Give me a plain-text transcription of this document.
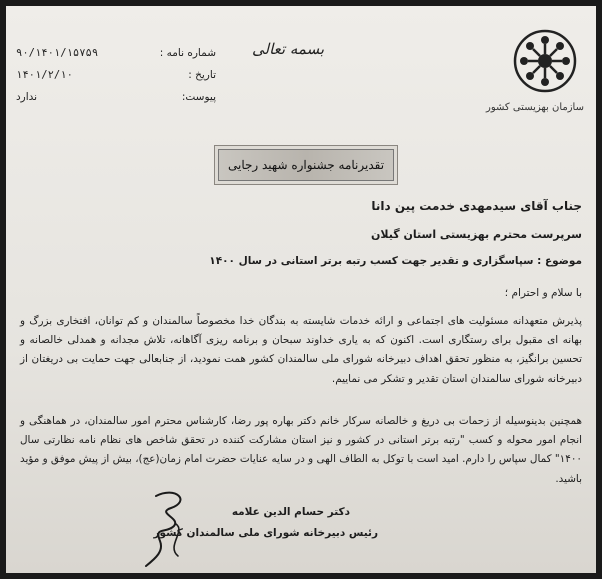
سازمان بهزیستی کشور
بسمه تعالی
شماره نامه :
۹۰/۱۴۰۱/۱۵۷۵۹
تاریخ :
۱۴۰۱/۲/۱۰
پیوست:
ندارد
تقدیرنامه جشنواره شهید رجایی
جناب آقای سیدمهدی خدمت پین دانا
سرپرست محترم بهزیستی استان گیلان
موضوع : سپاسگزاری و تقدیر جهت کسب رتبه برتر استانی در سال ۱۴۰۰
با سلام و احترام ؛
پذیرش متعهدانه مسئولیت های اجتماعی و ارائه خدمات شایسته به بندگان خدا مخصوصاً سالمندان و کم توانان، افتخاری بزرگ و بهانه ای مقبول برای رستگاری است. اکنون که به یاری خداوند سبحان و برنامه ریزی آگاهانه، تلاش مجدانه و همدلی خالصانه و تحسین برانگیز، به منظور تحقق اهداف دبیرخانه شورای ملی سالمندان کشور همت نمودید، از جنابعالی جهت حمایت بی دریغتان از دبیرخانه شورای سالمندان استان تقدیر و تشکر می نماییم.
همچنین بدینوسیله از زحمات بی دریغ و خالصانه سرکار خانم دکتر بهاره پور رضا، کارشناس محترم امور سالمندان، در هماهنگی و انجام امور محوله و کسب "رتبه برتر استانی در کشور و نیز استان مشارکت کننده در تحقق شاخص های نظام نامه نظارتی سال ۱۴۰۰" کمال سپاس را دارم. امید است با توکل به الطاف الهی و در سایه عنایات حضرت امام زمان(عج)، بیش از پیش موفق و مؤید باشید.
دکتر حسام الدین علامه
رئیس دبیرخانه شورای ملی سالمندان کشور
